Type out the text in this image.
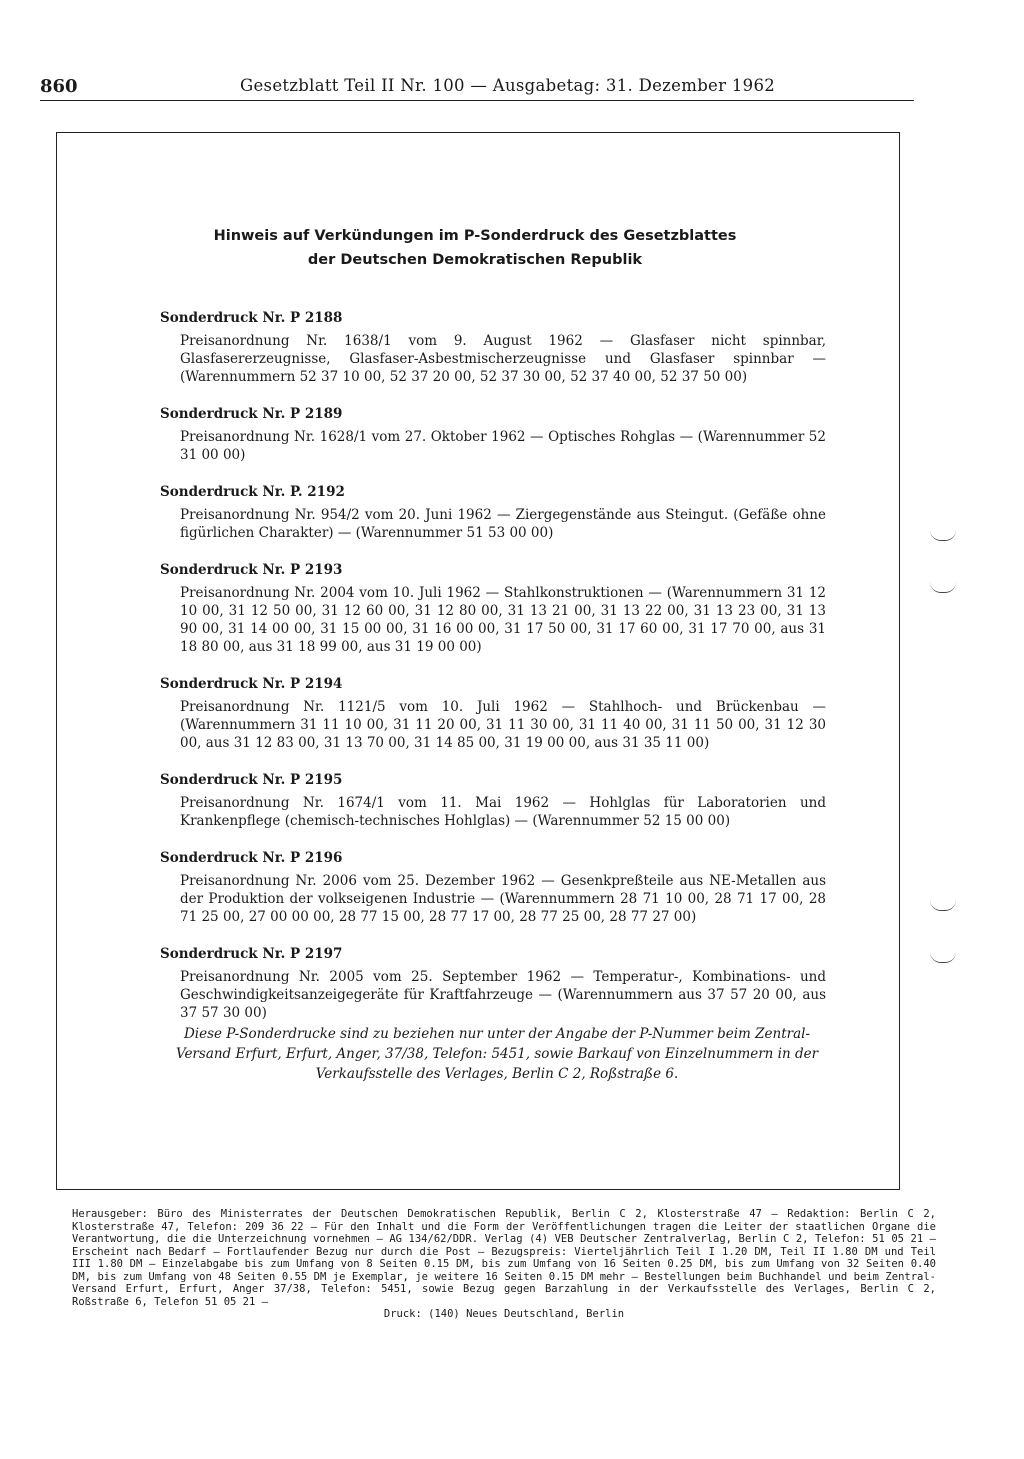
860	Gesetzblatt Teil II Nr. 100 — Ausgabetag: 31. Dezember 1962
Hinweis auf Verkündungen im P-Sonderdruck des Gesetzblattes
der Deutschen Demokratischen Republik
Sonderdruck Nr. P 2188
Preisanordnung Nr. 1638/1 vom 9. August 1962 — Glasfaser nicht spinnbar, Glasfasererzeugnisse, Glasfaser-Asbestmischerzeugnisse und Glasfaser spinnbar — (Warennummern 52 37 10 00, 52 37 20 00, 52 37 30 00, 52 37 40 00, 52 37 50 00)
Sonderdruck Nr. P 2189
Preisanordnung Nr. 1628/1 vom 27. Oktober 1962 — Optisches Rohglas — (Warennummer 52 31 00 00)
Sonderdruck Nr. P. 2192
Preisanordnung Nr. 954/2 vom 20. Juni 1962 — Ziergegenstände aus Steingut. (Gefäße ohne figürlichen Charakter) — (Warennummer 51 53 00 00)
Sonderdruck Nr. P 2193
Preisanordnung Nr. 2004 vom 10. Juli 1962 — Stahlkonstruktionen — (Warennummern 31 12 10 00, 31 12 50 00, 31 12 60 00, 31 12 80 00, 31 13 21 00, 31 13 22 00, 31 13 23 00, 31 13 90 00, 31 14 00 00, 31 15 00 00, 31 16 00 00, 31 17 50 00, 31 17 60 00, 31 17 70 00, aus 31 18 80 00, aus 31 18 99 00, aus 31 19 00 00)
Sonderdruck Nr. P 2194
Preisanordnung Nr. 1121/5 vom 10. Juli 1962 — Stahlhoch- und Brückenbau — (Warennummern 31 11 10 00, 31 11 20 00, 31 11 30 00, 31 11 40 00, 31 11 50 00, 31 12 30 00, aus 31 12 83 00, 31 13 70 00, 31 14 85 00, 31 19 00 00, aus 31 35 11 00)
Sonderdruck Nr. P 2195
Preisanordnung Nr. 1674/1 vom 11. Mai 1962 — Hohlglas für Laboratorien und Krankenpflege (chemisch-technisches Hohlglas) — (Warennummer 52 15 00 00)
Sonderdruck Nr. P 2196
Preisanordnung Nr. 2006 vom 25. Dezember 1962 — Gesenkpreßteile aus NE-Metallen aus der Produktion der volkseigenen Industrie — (Warennummern 28 71 10 00, 28 71 17 00, 28 71 25 00, 27 00 00 00, 28 77 15 00, 28 77 17 00, 28 77 25 00, 28 77 27 00)
Sonderdruck Nr. P 2197
Preisanordnung Nr. 2005 vom 25. September 1962 — Temperatur-, Kombinations- und Geschwindigkeitsanzeigegeräte für Kraftfahrzeuge — (Warennummern aus 37 57 20 00, aus 37 57 30 00)
Diese P-Sonderdrucke sind zu beziehen nur unter der Angabe der P-Nummer beim Zentral-Versand Erfurt, Erfurt, Anger, 37/38, Telefon: 5451, sowie Barkauf von Einzelnummern in der Verkaufsstelle des Verlages, Berlin C 2, Roßstraße 6.
Herausgeber: Büro des Ministerrates der Deutschen Demokratischen Republik, Berlin C 2, Klosterstraße 47 — Redaktion: Berlin C 2, Klosterstraße 47, Telefon: 209 36 22 — Für den Inhalt und die Form der Veröffentlichungen tragen die Leiter der staatlichen Organe die Verantwortung, die die Unterzeichnung vornehmen — AG 134/62/DDR. Verlag (4) VEB Deutscher Zentralverlag, Berlin C 2, Telefon: 51 05 21 — Erscheint nach Bedarf — Fortlaufender Bezug nur durch die Post — Bezugspreis: Vierteljährlich Teil I 1.20 DM, Teil II 1.80 DM und Teil III 1.80 DM — Einzelabgabe bis zum Umfang von 8 Seiten 0.15 DM, bis zum Umfang von 16 Seiten 0.25 DM, bis zum Umfang von 32 Seiten 0.40 DM, bis zum Umfang von 48 Seiten 0.55 DM je Exemplar, je weitere 16 Seiten 0.15 DM mehr — Bestellungen beim Buchhandel und beim Zentral-Versand Erfurt, Erfurt, Anger 37/38, Telefon: 5451, sowie Bezug gegen Barzahlung in der Verkaufsstelle des Verlages, Berlin C 2, Roßstraße 6, Telefon 51 05 21 —
Druck: (140) Neues Deutschland, Berlin
